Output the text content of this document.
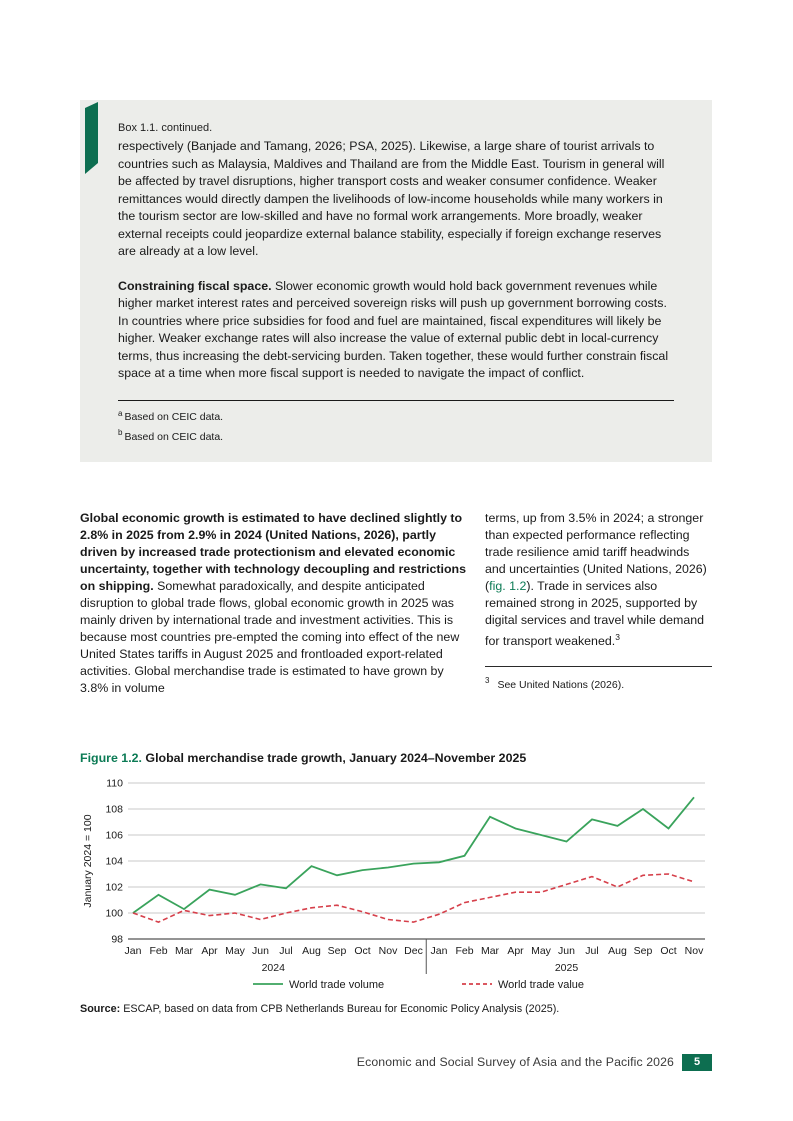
Box 1.1. continued.

respectively (Banjade and Tamang, 2026; PSA, 2025). Likewise, a large share of tourist arrivals to countries such as Malaysia, Maldives and Thailand are from the Middle East. Tourism in general will be affected by travel disruptions, higher transport costs and weaker consumer confidence. Weaker remittances would directly dampen the livelihoods of low-income households while many workers in the tourism sector are low-skilled and have no formal work arrangements. More broadly, weaker external receipts could jeopardize external balance stability, especially if foreign exchange reserves are already at a low level.

Constraining fiscal space. Slower economic growth would hold back government revenues while higher market interest rates and perceived sovereign risks will push up government borrowing costs. In countries where price subsidies for food and fuel are maintained, fiscal expenditures will likely be higher. Weaker exchange rates will also increase the value of external public debt in local-currency terms, thus increasing the debt-servicing burden. Taken together, these would further constrain fiscal space at a time when more fiscal support is needed to navigate the impact of conflict.

$^a$ Based on CEIC data.

$^b$ Based on CEIC data.

Global economic growth is estimated to have declined slightly to 2.8% in 2025 from 2.9% in 2024 (United Nations, 2026), partly driven by increased trade protectionism and elevated economic uncertainty, together with technology decoupling and restrictions on shipping. Somewhat paradoxically, and despite anticipated disruption to global trade flows, global economic growth in 2025 was mainly driven by international trade and investment activities. This is because most countries pre-empted the coming into effect of the new United States tariffs in August 2025 and frontloaded export-related activities. Global merchandise trade is estimated to have grown by 3.8% in volume

terms, up from 3.5% in 2024; a stronger than expected performance reflecting trade resilience amid tariff headwinds and uncertainties (United Nations, 2026) (fig. 1.2). Trade in services also remained strong in 2025, supported by digital services and travel while demand for transport weakened.$^3$

$^3$ See United Nations (2026).

Figure 1.2. Global merchandise trade growth, January 2024–November 2025

98
100
102
104
106
108
110
January 2024 = 100
Jan Feb Mar Apr May Jun Jul Aug Sep Oct Nov Dec Jan Feb Mar Apr May Jun Jul Aug Sep Oct Nov
2024	2025
World trade volume	World trade value

Source: ESCAP, based on data from CPB Netherlands Bureau for Economic Policy Analysis (2025).

Economic and Social Survey of Asia and the Pacific 2026	5
